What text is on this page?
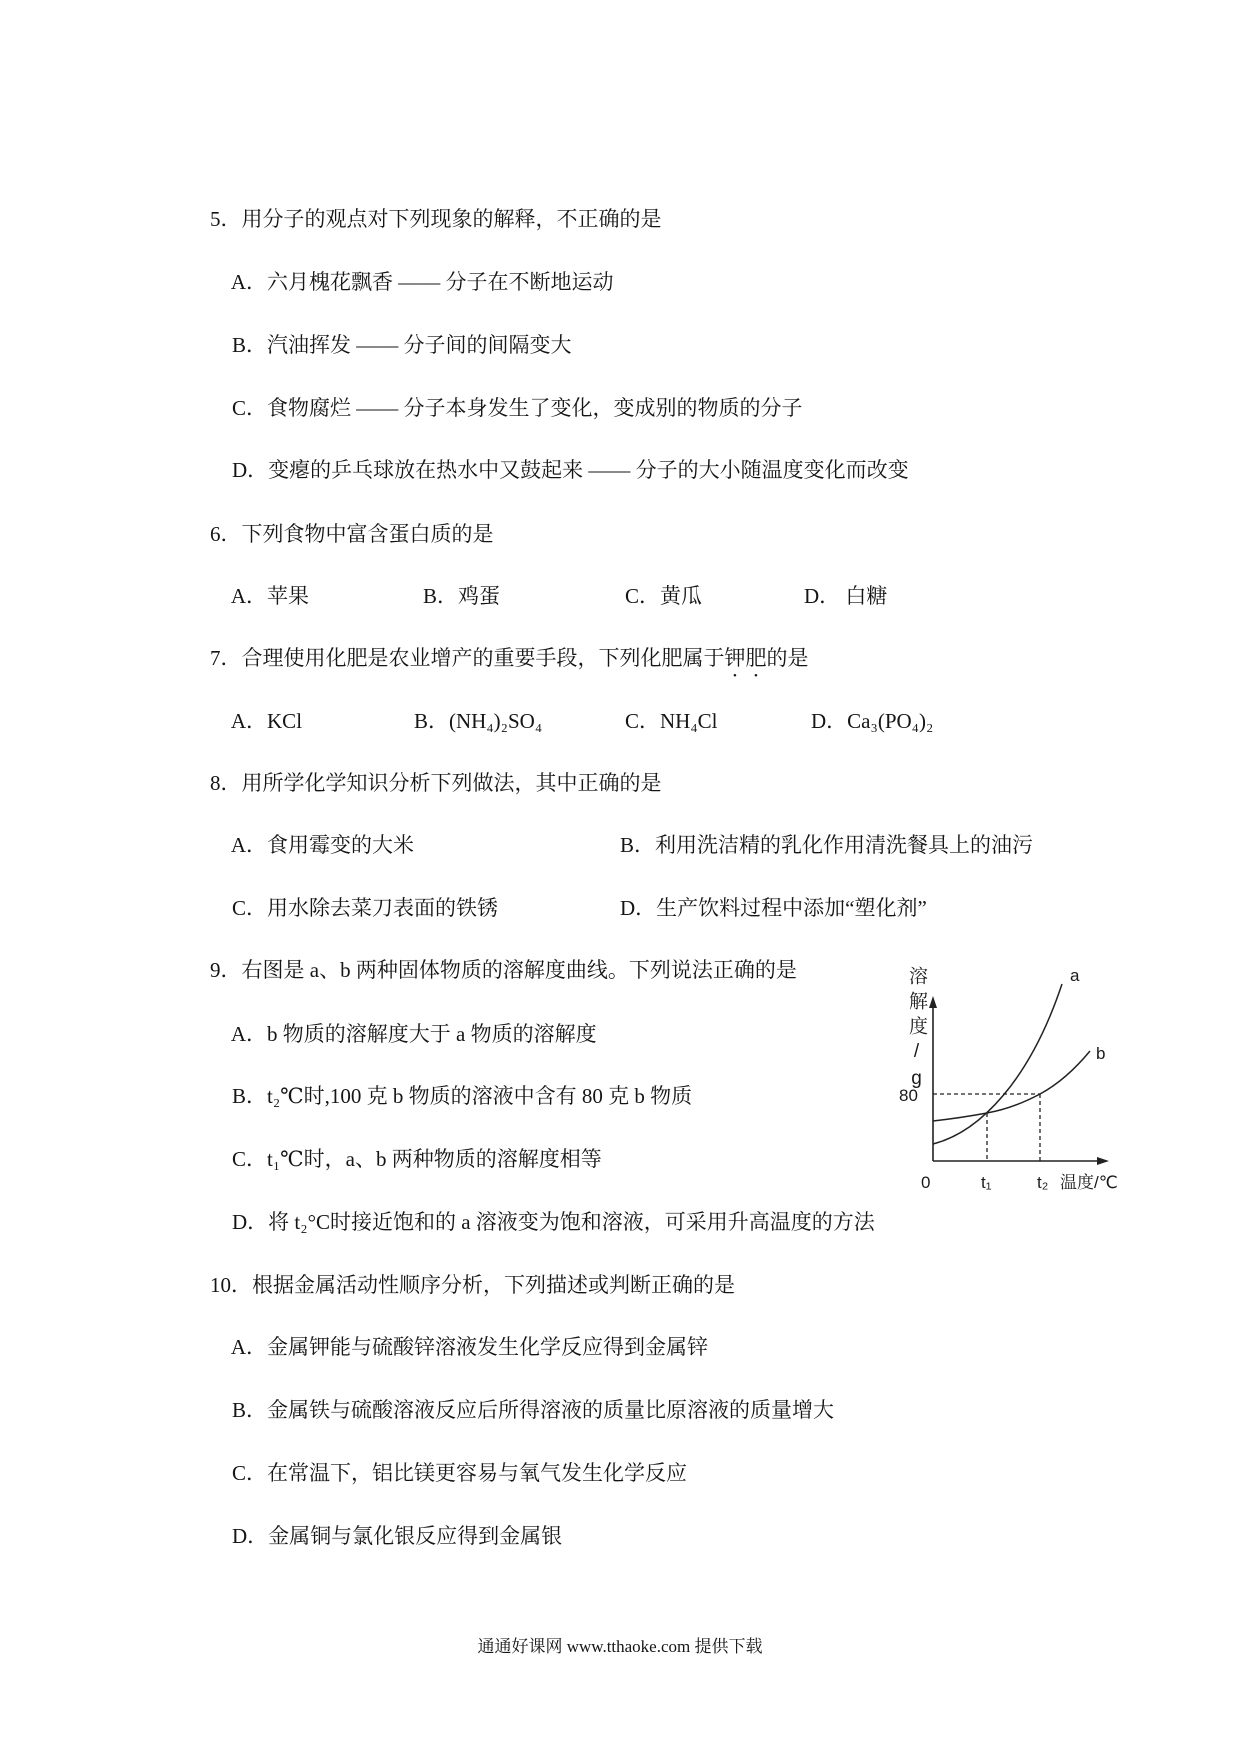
5．用分子的观点对下列现象的解释，不正确的是

A．六月槐花飘香 —— 分子在不断地运动

B．汽油挥发 —— 分子间的间隔变大

C．食物腐烂 —— 分子本身发生了变化，变成别的物质的分子

D．变瘪的乒乓球放在热水中又鼓起来 —— 分子的大小随温度变化而改变

6．下列食物中富含蛋白质的是

A．苹果
	B．鸡蛋
	C．黄瓜
	D． 白糖

7．合理使用化肥是农业增产的重要手段，下列化肥属于钾肥的是

A．KCl
	B．(NH₄)₂SO₄
	C．NH₄Cl
	D．Ca₃(PO₄)₂

8．用所学化学知识分析下列做法，其中正确的是

A．食用霉变的大米
	B．利用洗洁精的乳化作用清洗餐具上的油污

C．用水除去菜刀表面的铁锈
	D．生产饮料过程中添加“塑化剂”

9．右图是 a、b 两种固体物质的溶解度曲线。下列说法正确的是

A．b 物质的溶解度大于 a 物质的溶解度

B．t₂℃时,100 克 b 物质的溶液中含有 80 克 b 物质

C．t₁℃时，a、b 两种物质的溶解度相等

D．将 t₂°C时接近饱和的 a 溶液变为饱和溶液，可采用升高温度的方法

溶解度/g
80
0	t₁	t₂ 温度/℃
a
b

10．根据金属活动性顺序分析，下列描述或判断正确的是

A．金属钾能与硫酸锌溶液发生化学反应得到金属锌

B．金属铁与硫酸溶液反应后所得溶液的质量比原溶液的质量增大

C．在常温下，铝比镁更容易与氧气发生化学反应

D．金属铜与氯化银反应得到金属银

通通好课网 www.tthaoke.com 提供下载
